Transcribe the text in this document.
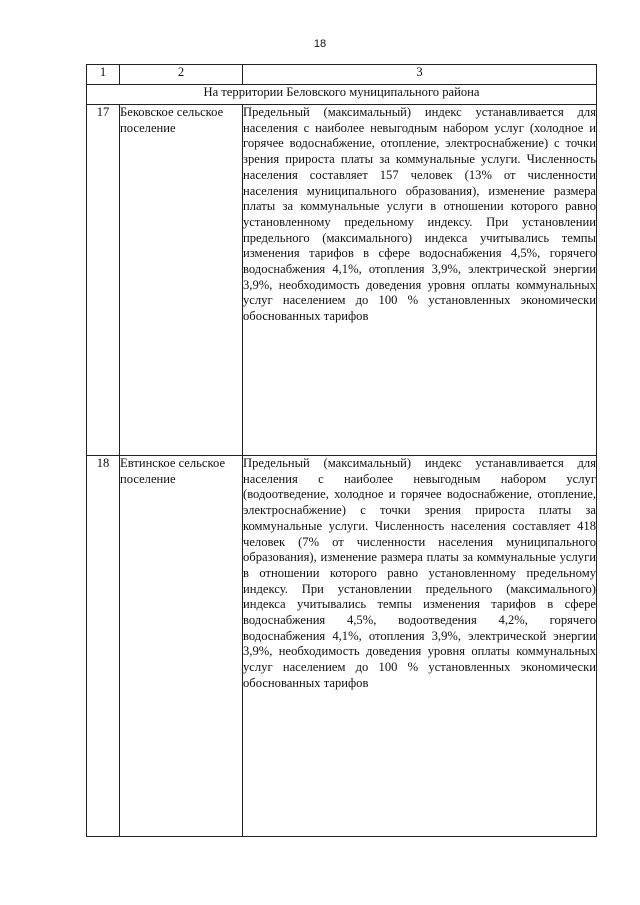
18
1	2	3
На территории Беловского муниципального района		
17	Бековское сельское поселение	Предельный (максимальный) индекс устанавливается для населения с наиболее невыгодным набором услуг (холодное и горячее водоснабжение, отопление, электроснабжение) с точки зрения прироста платы за коммунальные услуги. Численность населения составляет 157 человек (13% от численности населения муниципального образования), изменение размера платы за коммунальные услуги в отношении которого равно установленному предельному индексу. При установлении предельного (максимального) индекса учитывались темпы изменения тарифов в сфере водоснабжения 4,5%, горячего водоснабжения 4,1%, отопления 3,9%, электрической энергии 3,9%, необходимость доведения уровня оплаты коммунальных услуг населением до 100 % установленных экономически обоснованных тарифов
18	Евтинское сельское поселение	Предельный (максимальный) индекс устанавливается для населения с наиболее невыгодным набором услуг (водоотведение, холодное и горячее водоснабжение, отопление, электроснабжение) с точки зрения прироста платы за коммунальные услуги. Численность населения составляет 418 человек (7% от численности населения муниципального образования), изменение размера платы за коммунальные услуги в отношении которого равно установленному предельному индексу. При установлении предельного (максимального) индекса учитывались темпы изменения тарифов в сфере водоснабжения 4,5%, водоотведения 4,2%, горячего водоснабжения 4,1%, отопления 3,9%, электрической энергии 3,9%, необходимость доведения уровня оплаты коммунальных услуг населением до 100 % установленных экономически обоснованных тарифов
